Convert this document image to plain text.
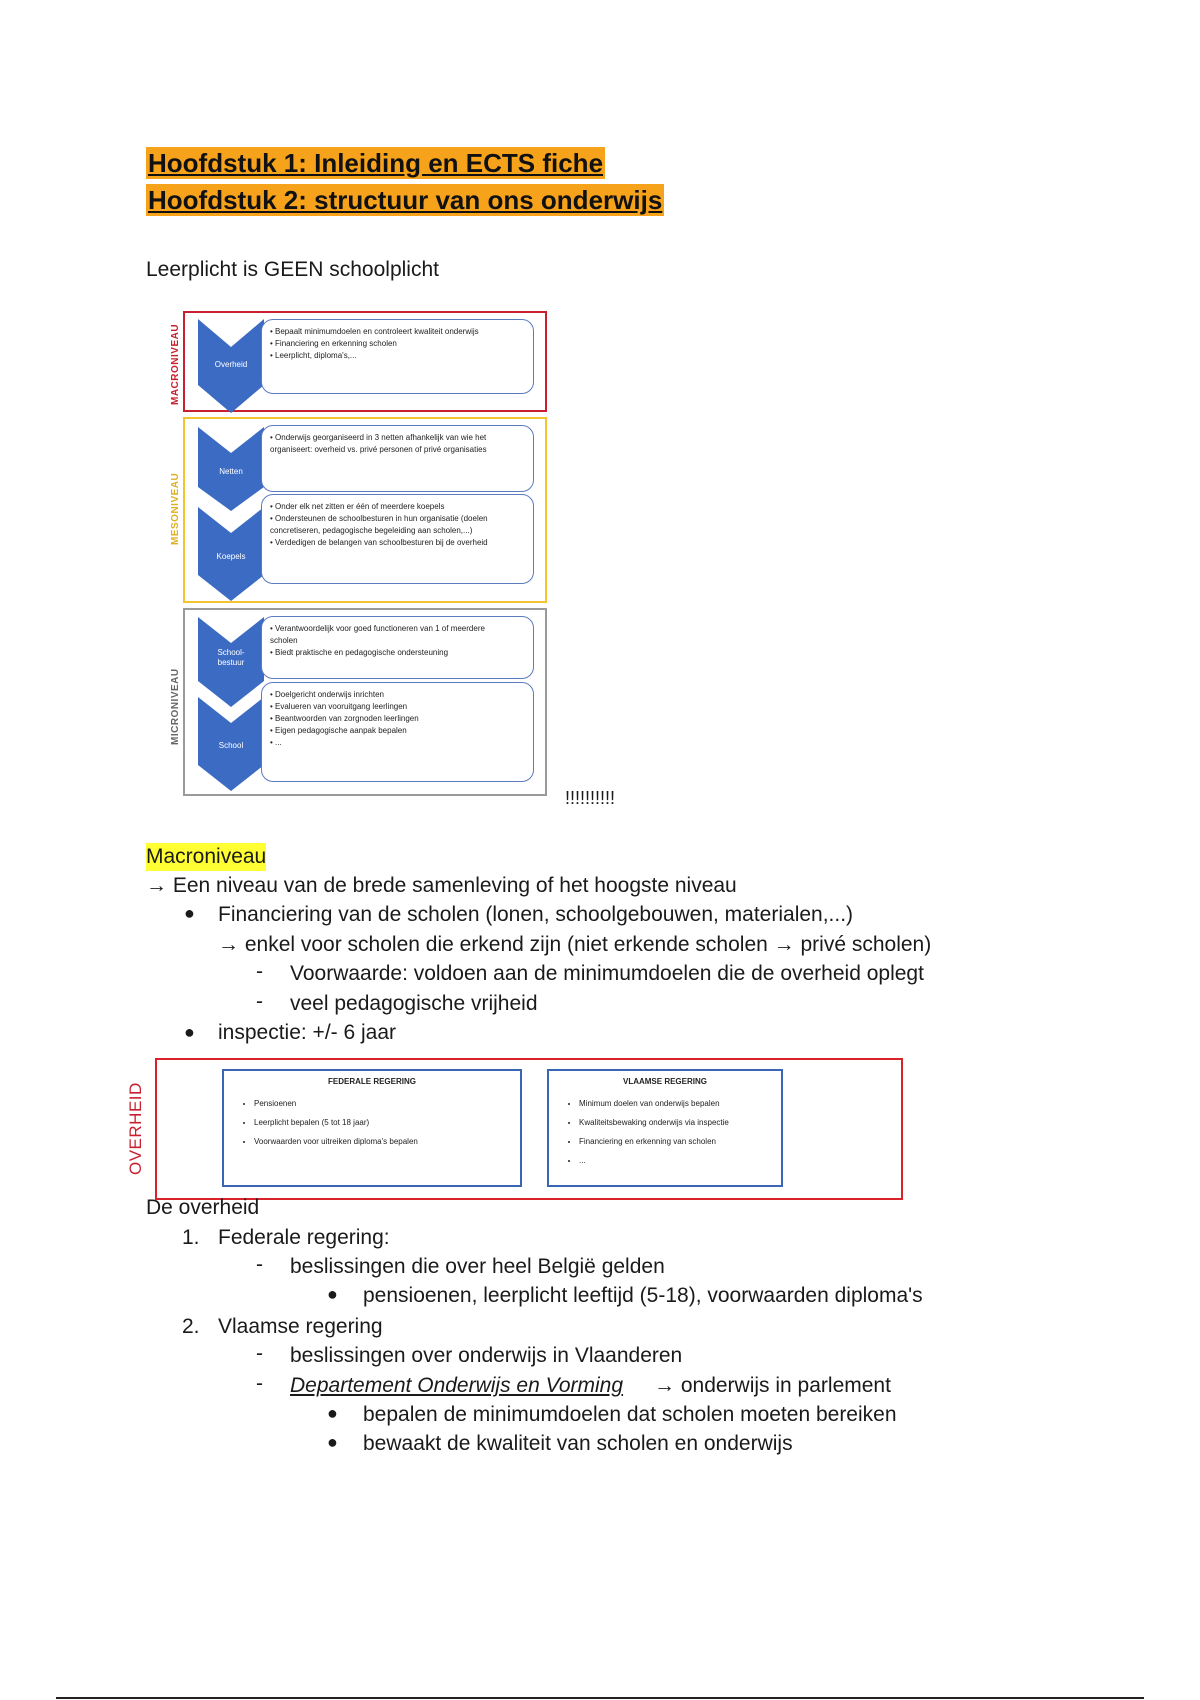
Hoofdstuk 1: Inleiding en ECTS fiche
Hoofdstuk 2: structuur van ons onderwijs
Leerplicht is GEEN schoolplicht
MACRONIVEAU	Overheid
• Bepaalt minimumdoelen en controleert kwaliteit onderwijs
• Financiering en erkenning scholen
• Leerplicht, diploma's,...
MESONIVEAU
Netten
• Onderwijs georganiseerd in 3 netten afhankelijk van wie het
organiseert: overheid vs. privé personen of privé organisaties
Koepels
• Onder elk net zitten er één of meerdere koepels
• Ondersteunen de schoolbesturen in hun organisatie (doelen
concretiseren, pedagogische begeleiding aan scholen,...)
• Verdedigen de belangen van schoolbesturen bij de overheid
MICRONIVEAU
School-
bestuur
• Verantwoordelijk voor goed functioneren van 1 of meerdere
scholen
• Biedt praktische en pedagogische ondersteuning
School
• Doelgericht onderwijs inrichten
• Evalueren van vooruitgang leerlingen
• Beantwoorden van zorgnoden leerlingen
• Eigen pedagogische aanpak bepalen
• ...
!!!!!!!!!!
Macroniveau
→ Een niveau van de brede samenleving of het hoogste niveau
● Financiering van de scholen (lonen, schoolgebouwen, materialen,...)
→ enkel voor scholen die erkend zijn (niet erkende scholen → privé scholen)
- Voorwaarde: voldoen aan de minimumdoelen die de overheid oplegt
- veel pedagogische vrijheid
● inspectie: +/- 6 jaar
OVERHEID
FEDERALE REGERING
• Pensioenen
• Leerplicht bepalen (5 tot 18 jaar)
• Voorwaarden voor uitreiken diploma's bepalen
VLAAMSE REGERING
• Minimum doelen van onderwijs bepalen
• Kwaliteitsbewaking onderwijs via inspectie
• Financiering en erkenning van scholen
• ...
De overheid
1. Federale regering:
- beslissingen die over heel België gelden
● pensioenen, leerplicht leeftijd (5-18), voorwaarden diploma's
2. Vlaamse regering
- beslissingen over onderwijs in Vlaanderen
- Departement Onderwijs en Vorming → onderwijs in parlement
● bepalen de minimumdoelen dat scholen moeten bereiken
● bewaakt de kwaliteit van scholen en onderwijs
